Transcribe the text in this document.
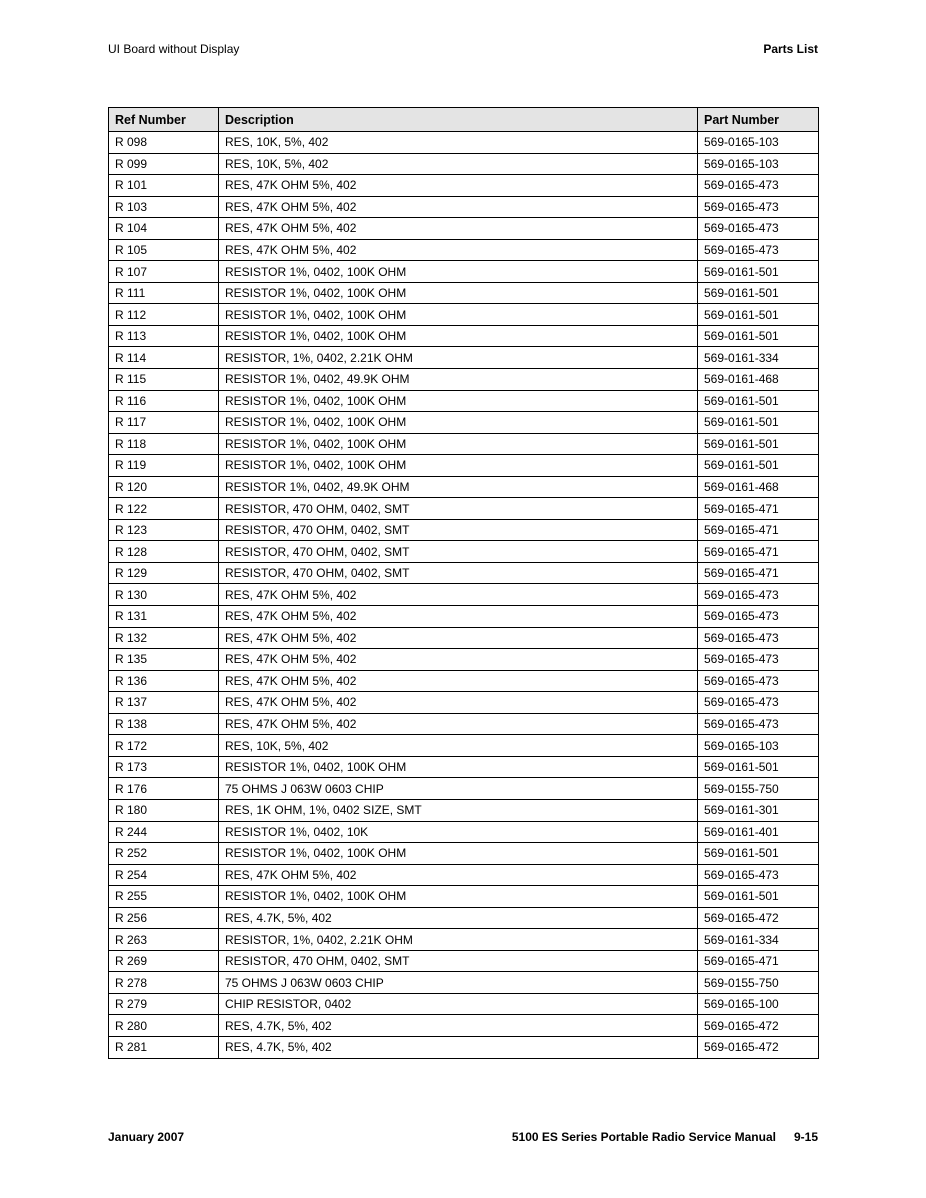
UI Board without Display	Parts List
Ref Number	Description	Part Number
R 098	RES, 10K, 5%, 402	569-0165-103
R 099	RES, 10K, 5%, 402	569-0165-103
R 101	RES, 47K OHM 5%, 402	569-0165-473
R 103	RES, 47K OHM 5%, 402	569-0165-473
R 104	RES, 47K OHM 5%, 402	569-0165-473
R 105	RES, 47K OHM 5%, 402	569-0165-473
R 107	RESISTOR 1%, 0402, 100K OHM	569-0161-501
R 111	RESISTOR 1%, 0402, 100K OHM	569-0161-501
R 112	RESISTOR 1%, 0402, 100K OHM	569-0161-501
R 113	RESISTOR 1%, 0402, 100K OHM	569-0161-501
R 114	RESISTOR, 1%, 0402, 2.21K OHM	569-0161-334
R 115	RESISTOR 1%, 0402, 49.9K OHM	569-0161-468
R 116	RESISTOR 1%, 0402, 100K OHM	569-0161-501
R 117	RESISTOR 1%, 0402, 100K OHM	569-0161-501
R 118	RESISTOR 1%, 0402, 100K OHM	569-0161-501
R 119	RESISTOR 1%, 0402, 100K OHM	569-0161-501
R 120	RESISTOR 1%, 0402, 49.9K OHM	569-0161-468
R 122	RESISTOR, 470 OHM, 0402, SMT	569-0165-471
R 123	RESISTOR, 470 OHM, 0402, SMT	569-0165-471
R 128	RESISTOR, 470 OHM, 0402, SMT	569-0165-471
R 129	RESISTOR, 470 OHM, 0402, SMT	569-0165-471
R 130	RES, 47K OHM 5%, 402	569-0165-473
R 131	RES, 47K OHM 5%, 402	569-0165-473
R 132	RES, 47K OHM 5%, 402	569-0165-473
R 135	RES, 47K OHM 5%, 402	569-0165-473
R 136	RES, 47K OHM 5%, 402	569-0165-473
R 137	RES, 47K OHM 5%, 402	569-0165-473
R 138	RES, 47K OHM 5%, 402	569-0165-473
R 172	RES, 10K, 5%, 402	569-0165-103
R 173	RESISTOR 1%, 0402, 100K OHM	569-0161-501
R 176	75 OHMS J 063W 0603 CHIP	569-0155-750
R 180	RES, 1K OHM, 1%, 0402 SIZE, SMT	569-0161-301
R 244	RESISTOR 1%, 0402, 10K	569-0161-401
R 252	RESISTOR 1%, 0402, 100K OHM	569-0161-501
R 254	RES, 47K OHM 5%, 402	569-0165-473
R 255	RESISTOR 1%, 0402, 100K OHM	569-0161-501
R 256	RES, 4.7K, 5%, 402	569-0165-472
R 263	RESISTOR, 1%, 0402, 2.21K OHM	569-0161-334
R 269	RESISTOR, 470 OHM, 0402, SMT	569-0165-471
R 278	75 OHMS J 063W 0603 CHIP	569-0155-750
R 279	CHIP RESISTOR, 0402	569-0165-100
R 280	RES, 4.7K, 5%, 402	569-0165-472
R 281	RES, 4.7K, 5%, 402	569-0165-472
January 2007	5100 ES Series Portable Radio Service Manual 9-15
